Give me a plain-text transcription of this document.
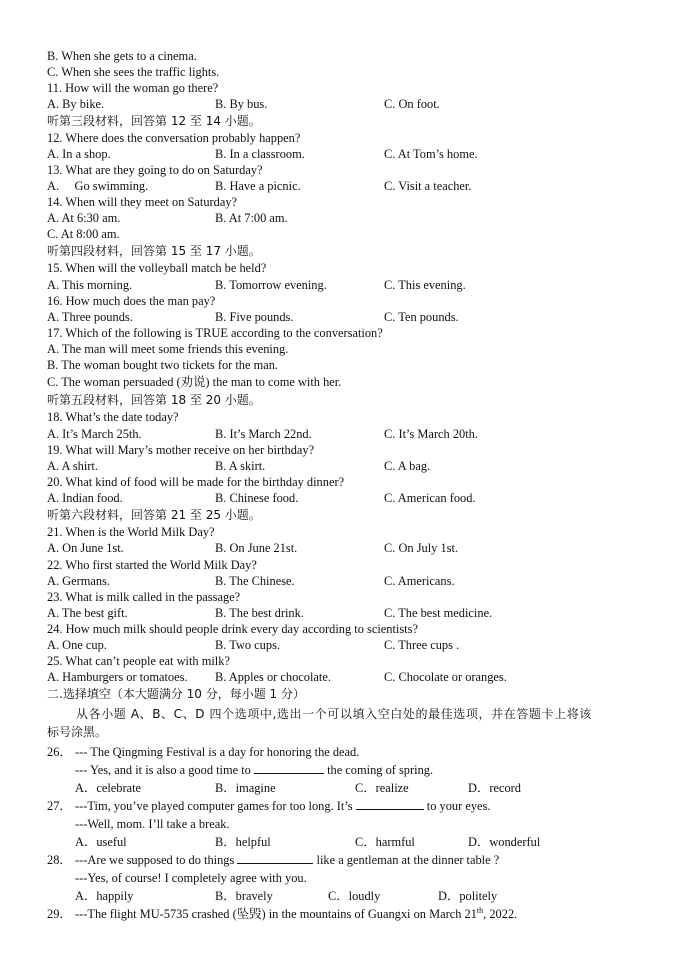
B. When she gets to a cinema.
C. When she sees the traffic lights.
11. How will the woman go there?
A. By bike.	B. By bus.	C. On foot.
听第三段材料，回答第 12 至 14 小题。
12. Where does the conversation probably happen?
A. In a shop.	B. In a classroom.	C. At Tom’s home.
13. What are they going to do on Saturday?
A.     Go swimming.	B. Have a picnic.	C. Visit a teacher.
14. When will they meet on Saturday?
A. At 6:30 am.	B. At 7:00 am.
C. At 8:00 am.
听第四段材料，回答第 15 至 17 小题。
15. When will the volleyball match be held?
A. This morning.	B. Tomorrow evening.	C. This evening.
16. How much does the man pay?
A. Three pounds.	B. Five pounds.	C. Ten pounds.
17. Which of the following is TRUE according to the conversation?
A. The man will meet some friends this evening.
B. The woman bought two tickets for the man.
C. The woman persuaded (劝说) the man to come with her.
听第五段材料，回答第 18 至 20 小题。
18. What’s the date today?
A. It’s March 25th.	B. It’s March 22nd.	C. It’s March 20th.
19. What will Mary’s mother receive on her birthday?
A. A shirt.	B. A skirt.	C. A bag.
20. What kind of food will be made for the birthday dinner?
A. Indian food.	B. Chinese food.	C. American food.
听第六段材料，回答第 21 至 25 小题。
21. When is the World Milk Day?
A. On June 1st.	B. On June 21st.	C. On July 1st.
22. Who first started the World Milk Day?
A. Germans.	B. The Chinese.	C. Americans.
23. What is milk called in the passage?
A. The best gift.	B. The best drink.	C. The best medicine.
24. How much milk should people drink every day according to scientists?
A. One cup.	B. Two cups.	C. Three cups .
25. What can’t people eat with milk?
A. Hamburgers or tomatoes. B. Apples or chocolate.	C. Chocolate or oranges.
二.选择填空（本大题满分 10 分，每小题 1 分）
从各小题 A、B、C、D 四个选项中,选出一个可以填入空白处的最佳选项，并在答题卡上将该
标号涂黑。
26． --- The Qingming Festival is a day for honoring the dead.
--- Yes, and it is also a good time to	the coming of spring.
A．celebrate	B．imagine	C．realize	D．record
27． ---Tim, you’ve played computer games for too long. It’s	to your eyes.
---Well, mom. I’ll take a break.
A．useful	B．helpful	C．harmful	D．wonderful
28． ---Are we supposed to do things	like a gentleman at the dinner table ?
---Yes, of course! I completely agree with you.
A．happily	B．bravely	C．loudly	D．politely
29． ---The flight MU-5735 crashed (坠毁) in the mountains of Guangxi on March 21th, 2022.
